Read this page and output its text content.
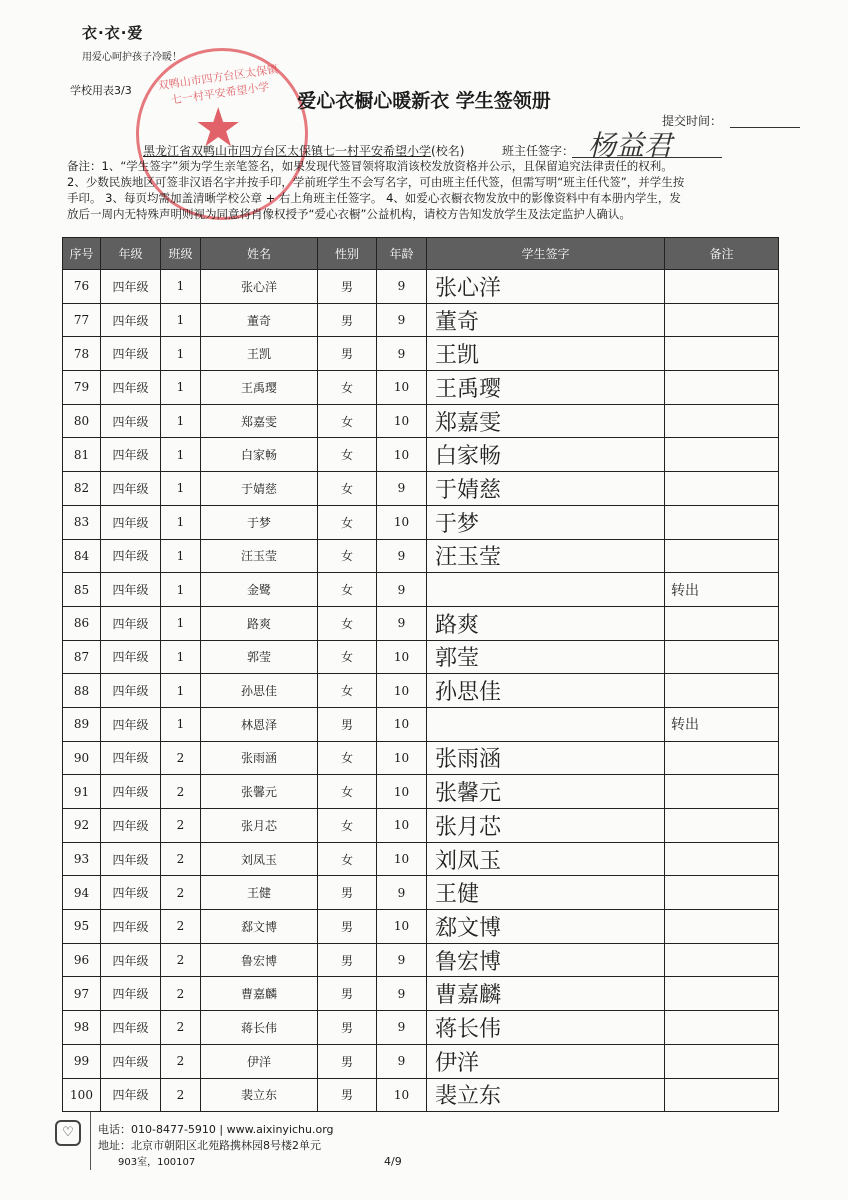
衣·衣·爱
用爱心呵护孩子冷暖！
学校用表3/3 双鸭山市四方台区太保镇七一村平安希望小学
★	爱心衣橱心暖新衣 学生签领册
提交时间：
黑龙江省双鸭山市四方台区太保镇七一村平安希望小学(校名)	班主任签字： 杨益君
备注：1、“学生签字”须为学生亲笔签名，如果发现代签冒领将取消该校发放资格并公示，且保留追究法律责任的权利。
2、少数民族地区可签非汉语名字并按手印，学前班学生不会写名字，可由班主任代签，但需写明“班主任代签”，并学生按
手印。 3、每页均需加盖清晰学校公章 + 右上角班主任签字。 4、如爱心衣橱衣物发放中的影像资料中有本册内学生，发
放后一周内无特殊声明则视为同意将肖像权授予“爱心衣橱”公益机构，请校方告知发放学生及法定监护人确认。
序号	年级	班级	姓名	性别	年龄	学生签字	备注
76	四年级	1	张心洋	男	9	张心洋	
77	四年级	1	董奇	男	9	董奇	
78	四年级	1	王凯	男	9	王凯	
79	四年级	1	王禹璎	女	10	王禹璎	
80	四年级	1	郑嘉雯	女	10	郑嘉雯	
81	四年级	1	白家畅	女	10	白家畅	
82	四年级	1	于婧慈	女	9	于婧慈	
83	四年级	1	于梦	女	10	于梦	
84	四年级	1	汪玉莹	女	9	汪玉莹	
85	四年级	1	金鹭	女	9		转出
86	四年级	1	路爽	女	9	路爽	
87	四年级	1	郭莹	女	10	郭莹	
88	四年级	1	孙思佳	女	10	孙思佳	
89	四年级	1	林恩泽	男	10		转出
90	四年级	2	张雨涵	女	10	张雨涵	
91	四年级	2	张馨元	女	10	张馨元	
92	四年级	2	张月芯	女	10	张月芯	
93	四年级	2	刘凤玉	女	10	刘凤玉	
94	四年级	2	王健	男	9	王健	
95	四年级	2	郄文博	男	10	郄文博	
96	四年级	2	鲁宏博	男	9	鲁宏博	
97	四年级	2	曹嘉麟	男	9	曹嘉麟	
98	四年级	2	蒋长伟	男	9	蒋长伟	
99	四年级	2	伊洋	男	9	伊洋	
100	四年级	2	裴立东	男	10	裴立东	
♡	电话：010-8477-5910 | www.aixinyichu.org
地址：北京市朝阳区北苑路携林园8号楼2单元
903室，100107	4/9
